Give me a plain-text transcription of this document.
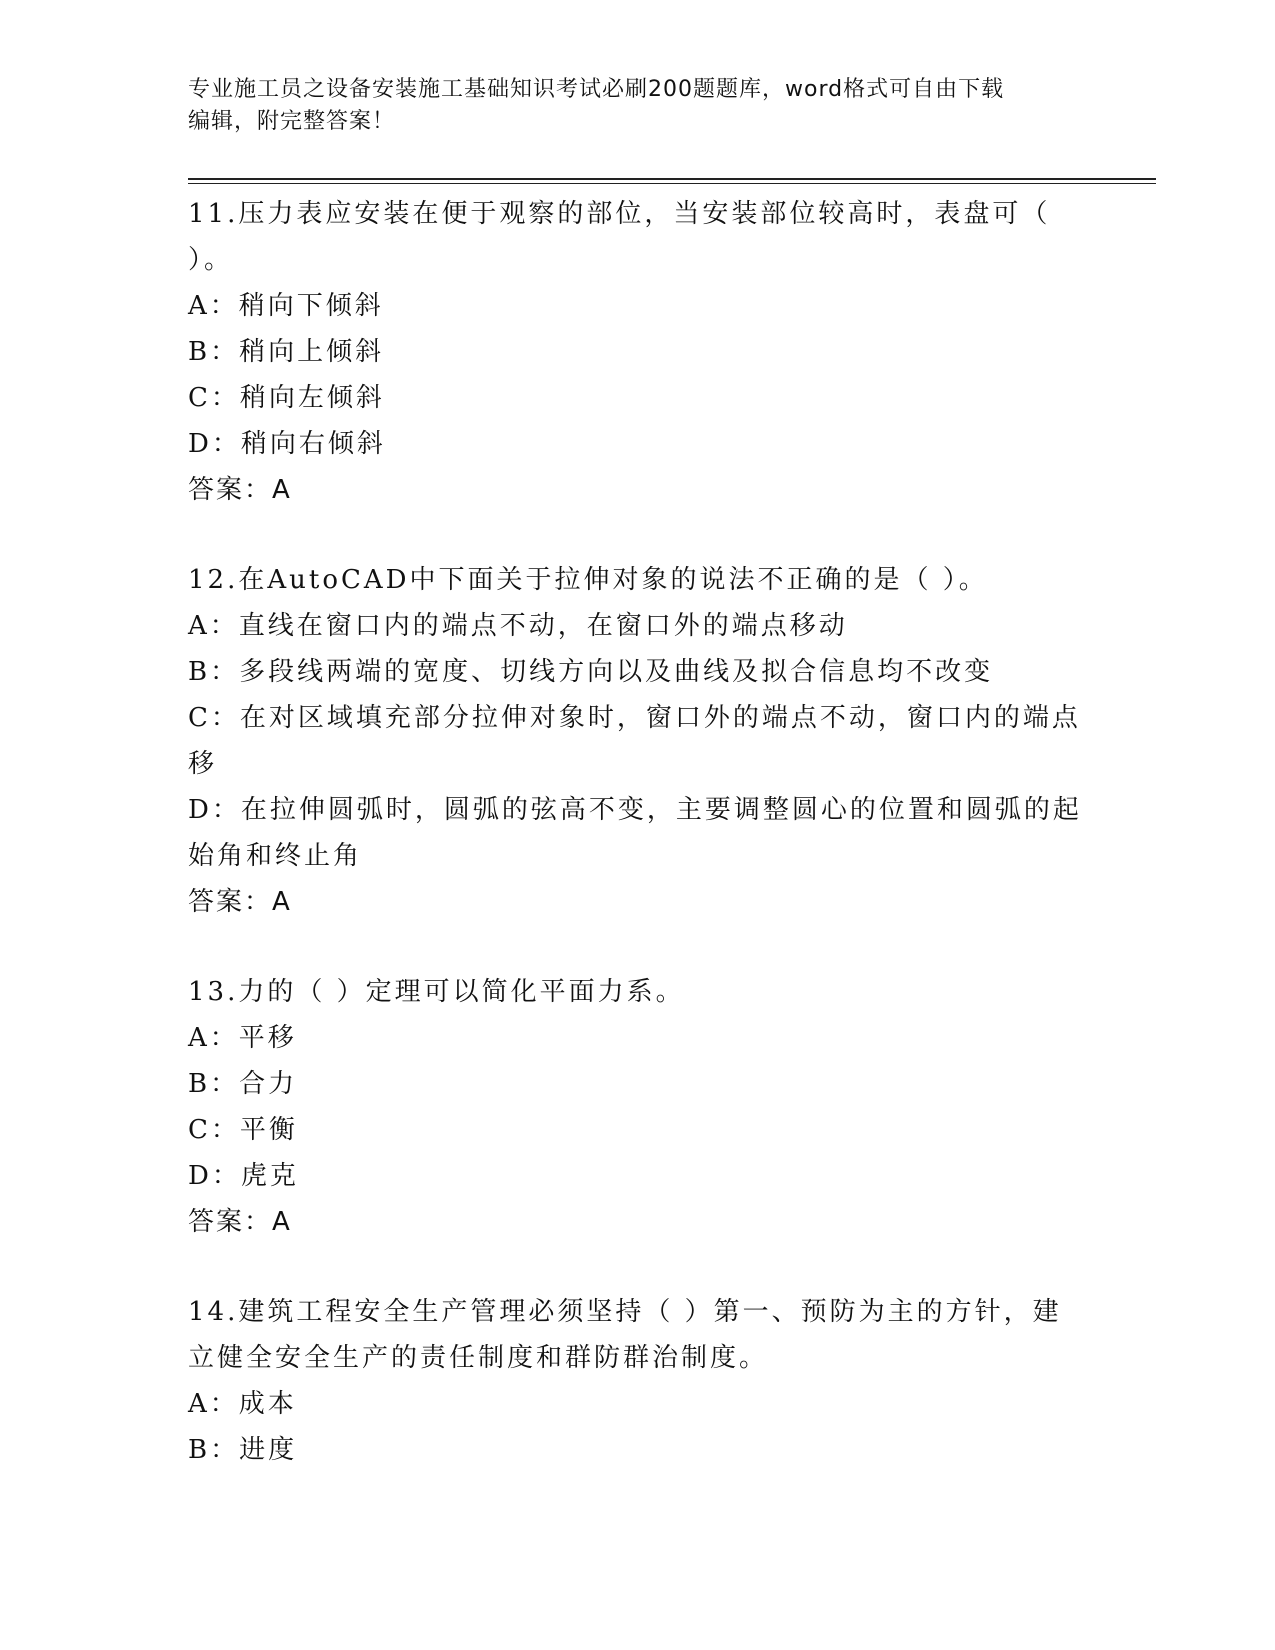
专业施工员之设备安装施工基础知识考试必刷200题题库，word格式可自由下载
编辑，附完整答案！
11.压力表应安装在便于观察的部位，当安装部位较高时，表盘可（
）。
A：稍向下倾斜
B：稍向上倾斜
C：稍向左倾斜
D：稍向右倾斜
答案：A
12.在AutoCAD中下面关于拉伸对象的说法不正确的是（ ）。
A：直线在窗口内的端点不动，在窗口外的端点移动
B：多段线两端的宽度、切线方向以及曲线及拟合信息均不改变
C：在对区域填充部分拉伸对象时，窗口外的端点不动，窗口内的端点
移
D：在拉伸圆弧时，圆弧的弦高不变，主要调整圆心的位置和圆弧的起
始角和终止角
答案：A
13.力的（ ）定理可以简化平面力系。
A：平移
B：合力
C：平衡
D：虎克
答案：A
14.建筑工程安全生产管理必须坚持（ ）第一、预防为主的方针，建
立健全安全生产的责任制度和群防群治制度。
A：成本
B：进度
